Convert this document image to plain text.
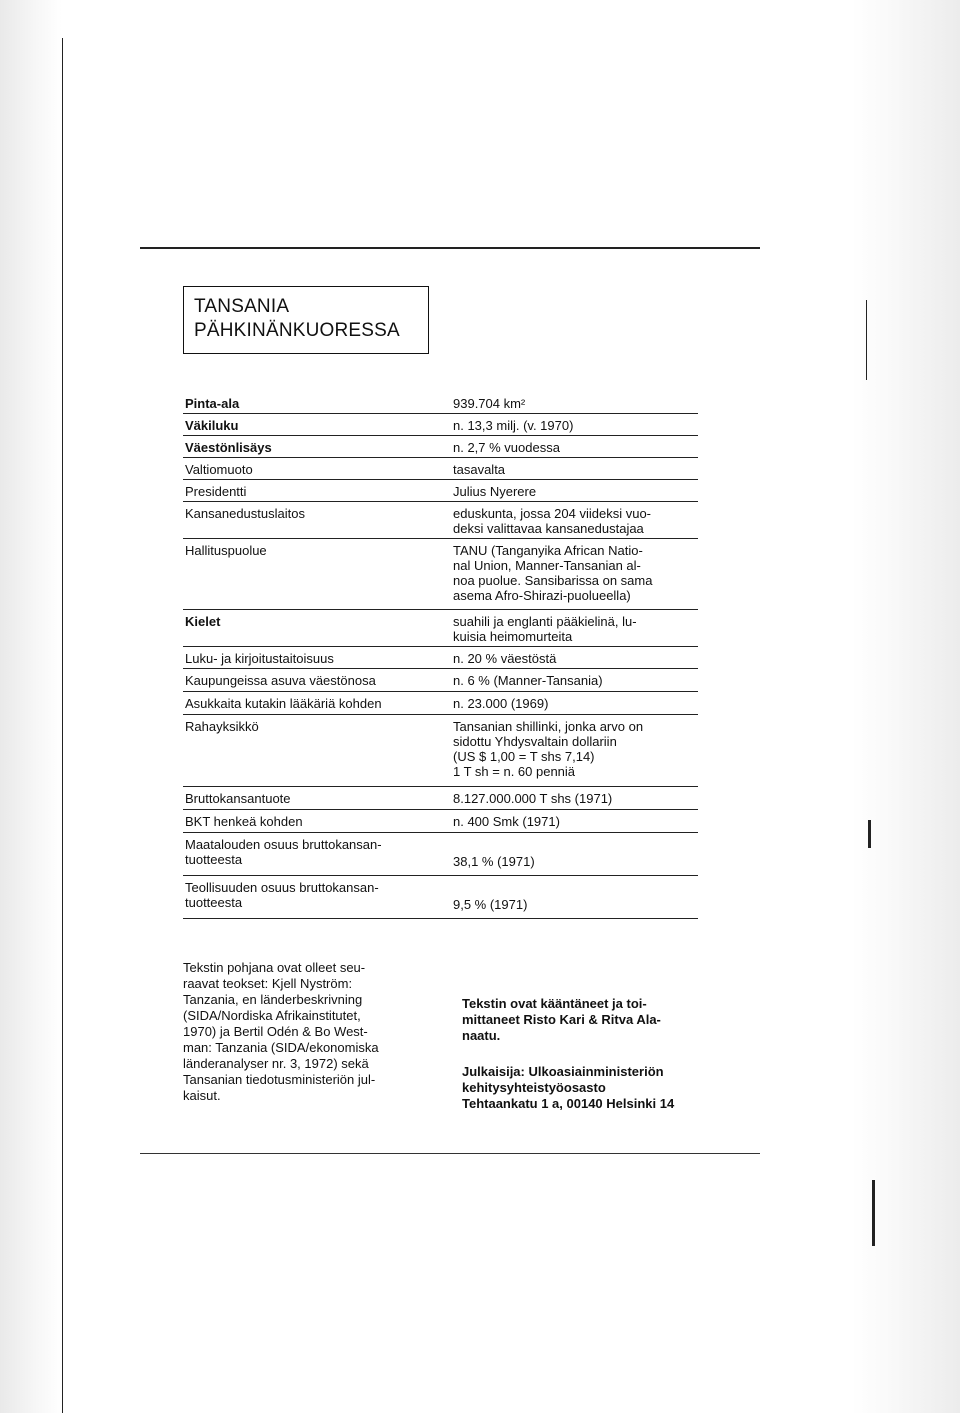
TANSANIA
PÄHKINÄNKUORESSA
Pinta-ala	939.704 km²
Väkiluku	n. 13,3 milj. (v. 1970)
Väestönlisäys	n. 2,7 % vuodessa
Valtiomuoto	tasavalta
Presidentti	Julius Nyerere
Kansanedustuslaitos	eduskunta, jossa 204 viideksi vuo-
deksi valittavaa kansanedustajaa
Hallituspuolue	TANU (Tanganyika African Natio-
nal Union, Manner-Tansanian al-
noa puolue. Sansibarissa on sama
asema Afro-Shirazi-puolueella)
Kielet	suahili ja englanti pääkielinä, lu-
kuisia heimomurteita
Luku- ja kirjoitustaitoisuus	n. 20 % väestöstä
Kaupungeissa asuva väestönosa	n. 6 % (Manner-Tansania)
Asukkaita kutakin lääkäriä kohden	n. 23.000 (1969)
Rahayksikkö	Tansanian shillinki, jonka arvo on
sidottu Yhdysvaltain dollariin
(US $ 1,00 = T shs 7,14)
1 T sh = n. 60 penniä
Bruttokansantuote	8.127.000.000 T shs (1971)
BKT henkeä kohden	n. 400 Smk (1971)
Maatalouden osuus bruttokansan-
tuotteesta	38,1 % (1971)
Teollisuuden osuus bruttokansan-
tuotteesta	9,5 % (1971)

Tekstin pohjana ovat olleet seu-
raavat teokset: Kjell Nyström:
Tanzania, en länderbeskrivning
(SIDA/Nordiska Afrikainstitutet,
1970) ja Bertil Odén & Bo West-
man: Tanzania (SIDA/ekonomiska
länderanalyser nr. 3, 1972) sekä
Tansanian tiedotusministeriön jul-
kaisut.

Tekstin ovat kääntäneet ja toi-
mittaneet Risto Kari & Ritva Ala-
naatu.

Julkaisija: Ulkoasiainministeriön
kehitysyhteistyöosasto
Tehtaankatu 1 a, 00140 Helsinki 14
